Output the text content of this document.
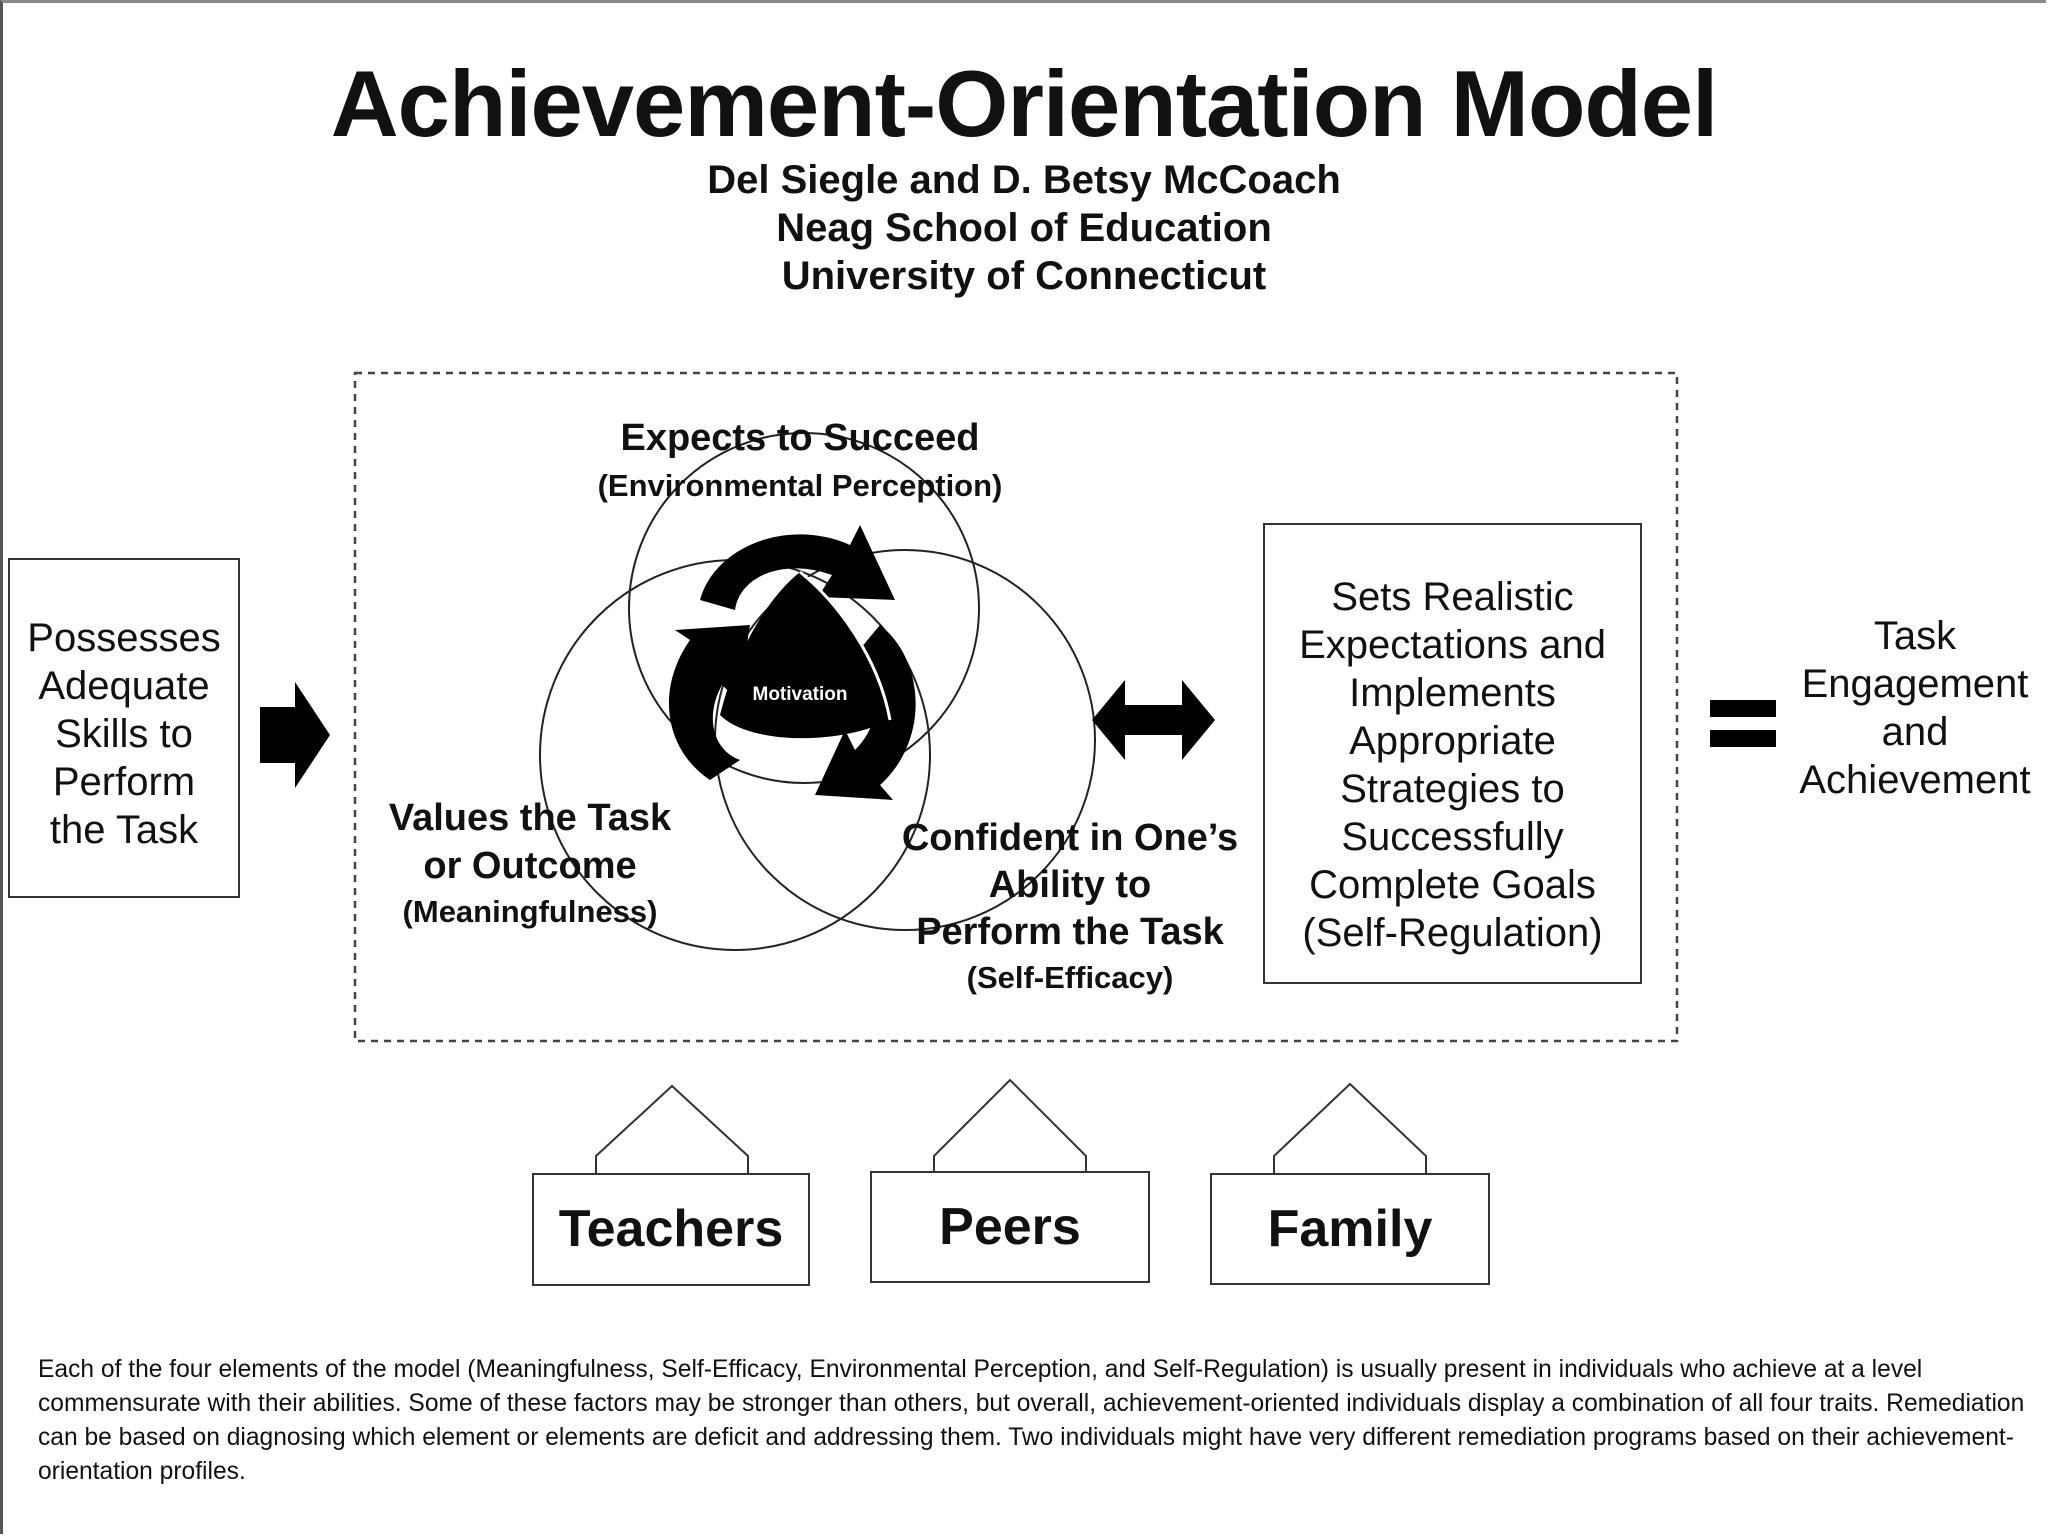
Achievement-Orientation Model
Del Siegle and D. Betsy McCoach
Neag School of Education
University of Connecticut
Motivation
Possesses
Adequate
Skills to
Perform
the Task
Expects to Succeed
(Environmental Perception)
Values the Task
or Outcome
(Meaningfulness)
Confident in One’s
Ability to
Perform the Task
(Self-Efficacy)
Sets Realistic
Expectations and
Implements
Appropriate
Strategies to
Successfully
Complete Goals
(Self-Regulation)
Task
Engagement
and
Achievement
Teachers	Peers	Family
Each of the four elements of the model (Meaningfulness, Self-Efficacy, Environmental Perception, and Self-Regulation) is usually present in individuals who achieve at a level commensurate with their abilities. Some of these factors may be stronger than others, but overall, achievement-oriented individuals display a combination of all four traits. Remediation can be based on diagnosing which element or elements are deficit and addressing them. Two individuals might have very different remediation programs based on their achievement-orientation profiles.
